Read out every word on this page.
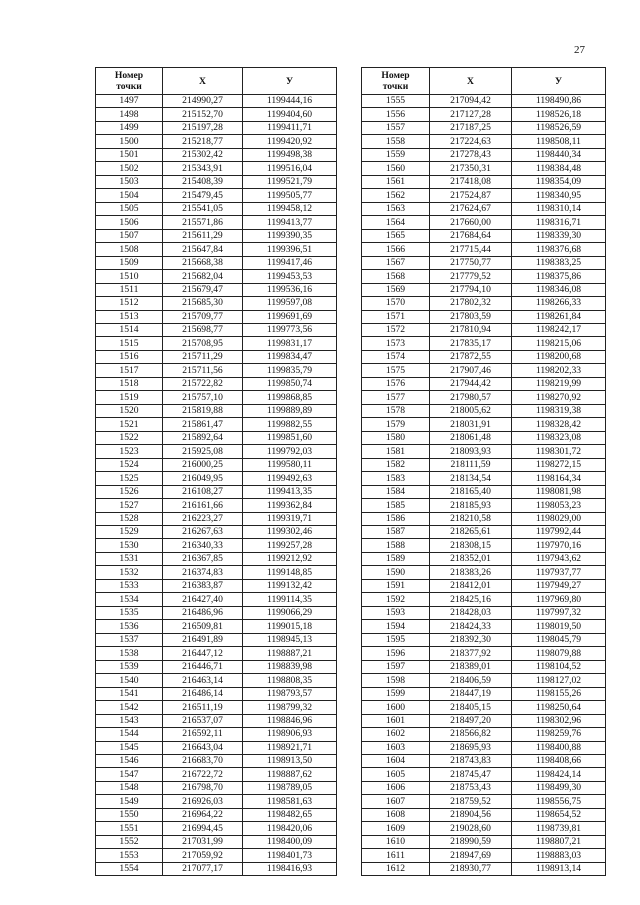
27
Номер
точки	X	У
1497	214990,27	1199444,16
1498	215152,70	1199404,60
1499	215197,28	1199411,71
1500	215218,77	1199420,92
1501	215302,42	1199498,38
1502	215343,91	1199516,04
1503	215408,39	1199521,79
1504	215479,45	1199505,77
1505	215541,05	1199458,12
1506	215571,86	1199413,77
1507	215611,29	1199390,35
1508	215647,84	1199396,51
1509	215668,38	1199417,46
1510	215682,04	1199453,53
1511	215679,47	1199536,16
1512	215685,30	1199597,08
1513	215709,77	1199691,69
1514	215698,77	1199773,56
1515	215708,95	1199831,17
1516	215711,29	1199834,47
1517	215711,56	1199835,79
1518	215722,82	1199850,74
1519	215757,10	1199868,85
1520	215819,88	1199889,89
1521	215861,47	1199882,55
1522	215892,64	1199851,60
1523	215925,08	1199792,03
1524	216000,25	1199580,11
1525	216049,95	1199492,63
1526	216108,27	1199413,35
1527	216161,66	1199362,84
1528	216223,27	1199319,71
1529	216267,63	1199302,46
1530	216340,33	1199257,28
1531	216367,85	1199212,92
1532	216374,83	1199148,85
1533	216383,87	1199132,42
1534	216427,40	1199114,35
1535	216486,96	1199066,29
1536	216509,81	1199015,18
1537	216491,89	1198945,13
1538	216447,12	1198887,21
1539	216446,71	1198839,98
1540	216463,14	1198808,35
1541	216486,14	1198793,57
1542	216511,19	1198799,32
1543	216537,07	1198846,96
1544	216592,11	1198906,93
1545	216643,04	1198921,71
1546	216683,70	1198913,50
1547	216722,72	1198887,62
1548	216798,70	1198789,05
1549	216926,03	1198581,63
1550	216964,22	1198482,65
1551	216994,45	1198420,06
1552	217031,99	1198400,09
1553	217059,92	1198401,73
1554	217077,17	1198416,93
Номер
точки	X	У
1555	217094,42	1198490,86
1556	217127,28	1198526,18
1557	217187,25	1198526,59
1558	217224,63	1198508,11
1559	217278,43	1198440,34
1560	217350,31	1198384,48
1561	217418,08	1198354,09
1562	217524,87	1198340,95
1563	217624,67	1198310,14
1564	217660,00	1198316,71
1565	217684,64	1198339,30
1566	217715,44	1198376,68
1567	217750,77	1198383,25
1568	217779,52	1198375,86
1569	217794,10	1198346,08
1570	217802,32	1198266,33
1571	217803,59	1198261,84
1572	217810,94	1198242,17
1573	217835,17	1198215,06
1574	217872,55	1198200,68
1575	217907,46	1198202,33
1576	217944,42	1198219,99
1577	217980,57	1198270,92
1578	218005,62	1198319,38
1579	218031,91	1198328,42
1580	218061,48	1198323,08
1581	218093,93	1198301,72
1582	218111,59	1198272,15
1583	218134,54	1198164,34
1584	218165,40	1198081,98
1585	218185,93	1198053,23
1586	218210,58	1198029,00
1587	218265,61	1197992,44
1588	218308,15	1197970,16
1589	218352,01	1197943,62
1590	218383,26	1197937,77
1591	218412,01	1197949,27
1592	218425,16	1197969,80
1593	218428,03	1197997,32
1594	218424,33	1198019,50
1595	218392,30	1198045,79
1596	218377,92	1198079,88
1597	218389,01	1198104,52
1598	218406,59	1198127,02
1599	218447,19	1198155,26
1600	218405,15	1198250,64
1601	218497,20	1198302,96
1602	218566,82	1198259,76
1603	218695,93	1198400,88
1604	218743,83	1198408,66
1605	218745,47	1198424,14
1606	218753,43	1198499,30
1607	218759,52	1198556,75
1608	218904,56	1198654,52
1609	219028,60	1198739,81
1610	218990,59	1198807,21
1611	218947,69	1198883,03
1612	218930,77	1198913,14
